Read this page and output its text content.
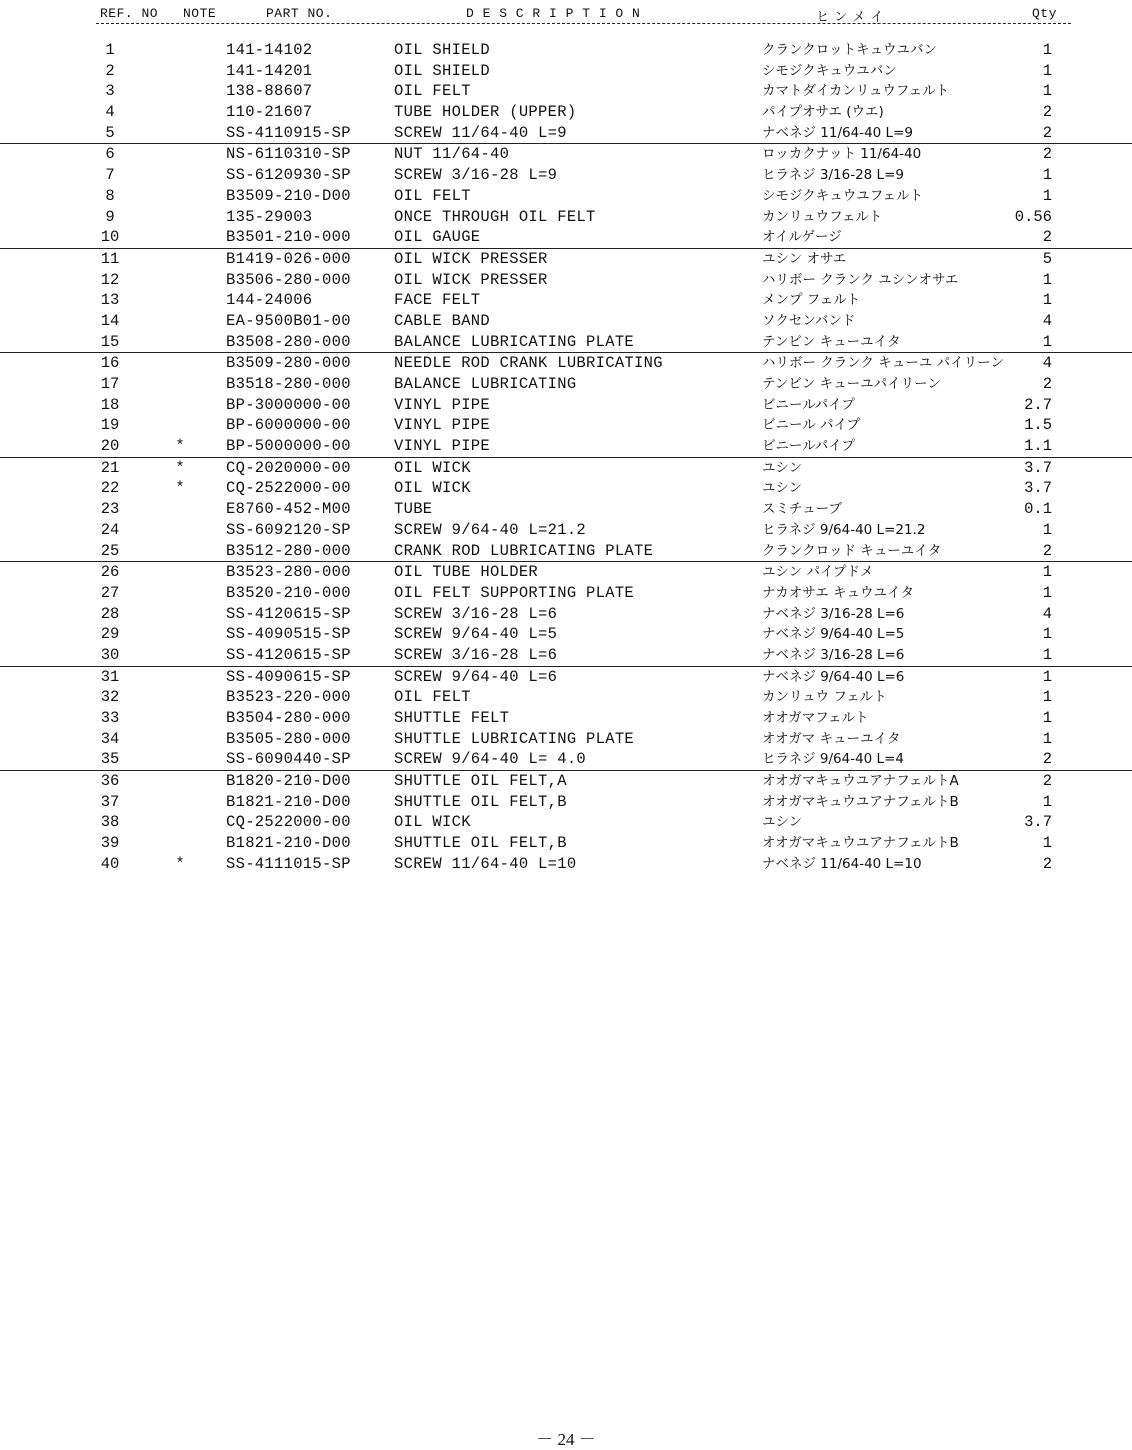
REF. NO NOTE	PART NO.	D E S C R I P T I O N	ヒ ン メ イ	Qty
1	141-14102	OIL SHIELD	クランクロットキュウユバン	1
2	141-14201	OIL SHIELD	シモジクキュウユバン	1
3	138-88607	OIL FELT	カマトダイカンリュウフェルト	1
4	110-21607	TUBE HOLDER (UPPER)	パイプオサエ (ウエ)	2
5	SS-4110915-SP	SCREW 11/64-40 L=9	ナベネジ 11/64-40 L=9	2
6	NS-6110310-SP	NUT 11/64-40	ロッカクナット 11/64-40	2
7	SS-6120930-SP	SCREW 3/16-28 L=9	ヒラネジ 3/16-28 L=9	1
8	B3509-210-D00	OIL FELT	シモジクキュウユフェルト	1
9	135-29003	ONCE THROUGH OIL FELT	カンリュウフェルト	0.56
10	B3501-210-000	OIL GAUGE	オイルゲージ	2
11	B1419-026-000	OIL WICK PRESSER	ユシン オサエ	5
12	B3506-280-000	OIL WICK PRESSER	ハリボー クランク ユシンオサエ	1
13	144-24006	FACE FELT	メンプ フェルト	1
14	EA-9500B01-00	CABLE BAND	ソクセンバンド	4
15	B3508-280-000	BALANCE LUBRICATING PLATE	テンビン キューユイタ	1
16	B3509-280-000	NEEDLE ROD CRANK LUBRICATING	ハリボー クランク キューユ パイリーン	4
17	B3518-280-000	BALANCE LUBRICATING	テンビン キューユパイリーン	2
18	BP-3000000-00	VINYL PIPE	ビニールパイプ	2.7
19	BP-6000000-00	VINYL PIPE	ビニール パイプ	1.5
20	*	BP-5000000-00	VINYL PIPE	ビニールパイプ	1.1
21	*	CQ-2020000-00	OIL WICK	ユシン	3.7
22	*	CQ-2522000-00	OIL WICK	ユシン	3.7
23	E8760-452-M00	TUBE	スミチューブ	0.1
24	SS-6092120-SP	SCREW 9/64-40 L=21.2	ヒラネジ 9/64-40 L=21.2	1
25	B3512-280-000	CRANK ROD LUBRICATING PLATE	クランクロッド キューユイタ	2
26	B3523-280-000	OIL TUBE HOLDER	ユシン パイプドメ	1
27	B3520-210-000	OIL FELT SUPPORTING PLATE	ナカオサエ キュウユイタ	1
28	SS-4120615-SP	SCREW 3/16-28 L=6	ナベネジ 3/16-28 L=6	4
29	SS-4090515-SP	SCREW 9/64-40 L=5	ナベネジ 9/64-40 L=5	1
30	SS-4120615-SP	SCREW 3/16-28 L=6	ナベネジ 3/16-28 L=6	1
31	SS-4090615-SP	SCREW 9/64-40 L=6	ナベネジ 9/64-40 L=6	1
32	B3523-220-000	OIL FELT	カンリュウ フェルト	1
33	B3504-280-000	SHUTTLE FELT	オオガマフェルト	1
34	B3505-280-000	SHUTTLE LUBRICATING PLATE	オオガマ キューユイタ	1
35	SS-6090440-SP	SCREW 9/64-40 L= 4.0	ヒラネジ 9/64-40 L=4	2
36	B1820-210-D00	SHUTTLE OIL FELT,A	オオガマキュウユアナフェルトA	2
37	B1821-210-D00	SHUTTLE OIL FELT,B	オオガマキュウユアナフェルトB	1
38	CQ-2522000-00	OIL WICK	ユシン	3.7
39	B1821-210-D00	SHUTTLE OIL FELT,B	オオガマキュウユアナフェルトB	1
40	*	SS-4111015-SP	SCREW 11/64-40 L=10	ナベネジ 11/64-40 L=10	2
－ 24 －
